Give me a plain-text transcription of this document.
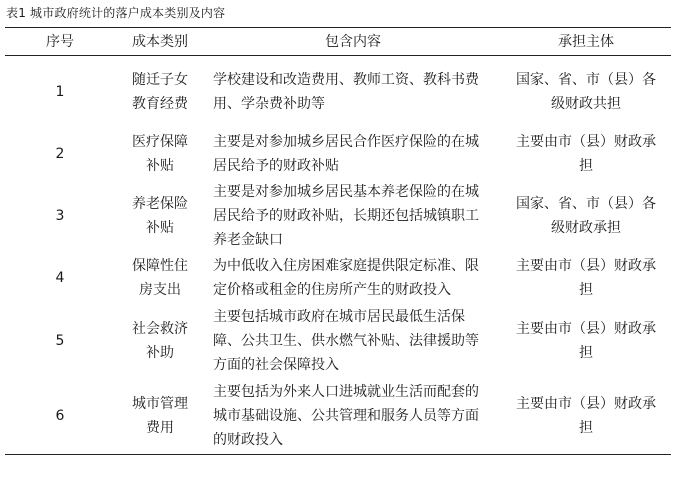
表1 城市政府统计的落户成本类别及内容
序号	成本类别	包含内容	承担主体
1	随迁子女教育经费	学校建设和改造费用、教师工资、教科书费用、学杂费补助等	国家、省、市（县）各级财政共担
2	医疗保障补贴	主要是对参加城乡居民合作医疗保险的在城居民给予的财政补贴	主要由市（县）财政承担
3	养老保险补贴	主要是对参加城乡居民基本养老保险的在城居民给予的财政补贴，长期还包括城镇职工养老金缺口	国家、省、市（县）各级财政承担
4	保障性住房支出	为中低收入住房困难家庭提供限定标准、限定价格或租金的住房所产生的财政投入	主要由市（县）财政承担
5	社会救济补助	主要包括城市政府在城市居民最低生活保障、公共卫生、供水燃气补贴、法律援助等方面的社会保障投入	主要由市（县）财政承担
6	城市管理费用	主要包括为外来人口进城就业生活而配套的城市基础设施、公共管理和服务人员等方面的财政投入	主要由市（县）财政承担
